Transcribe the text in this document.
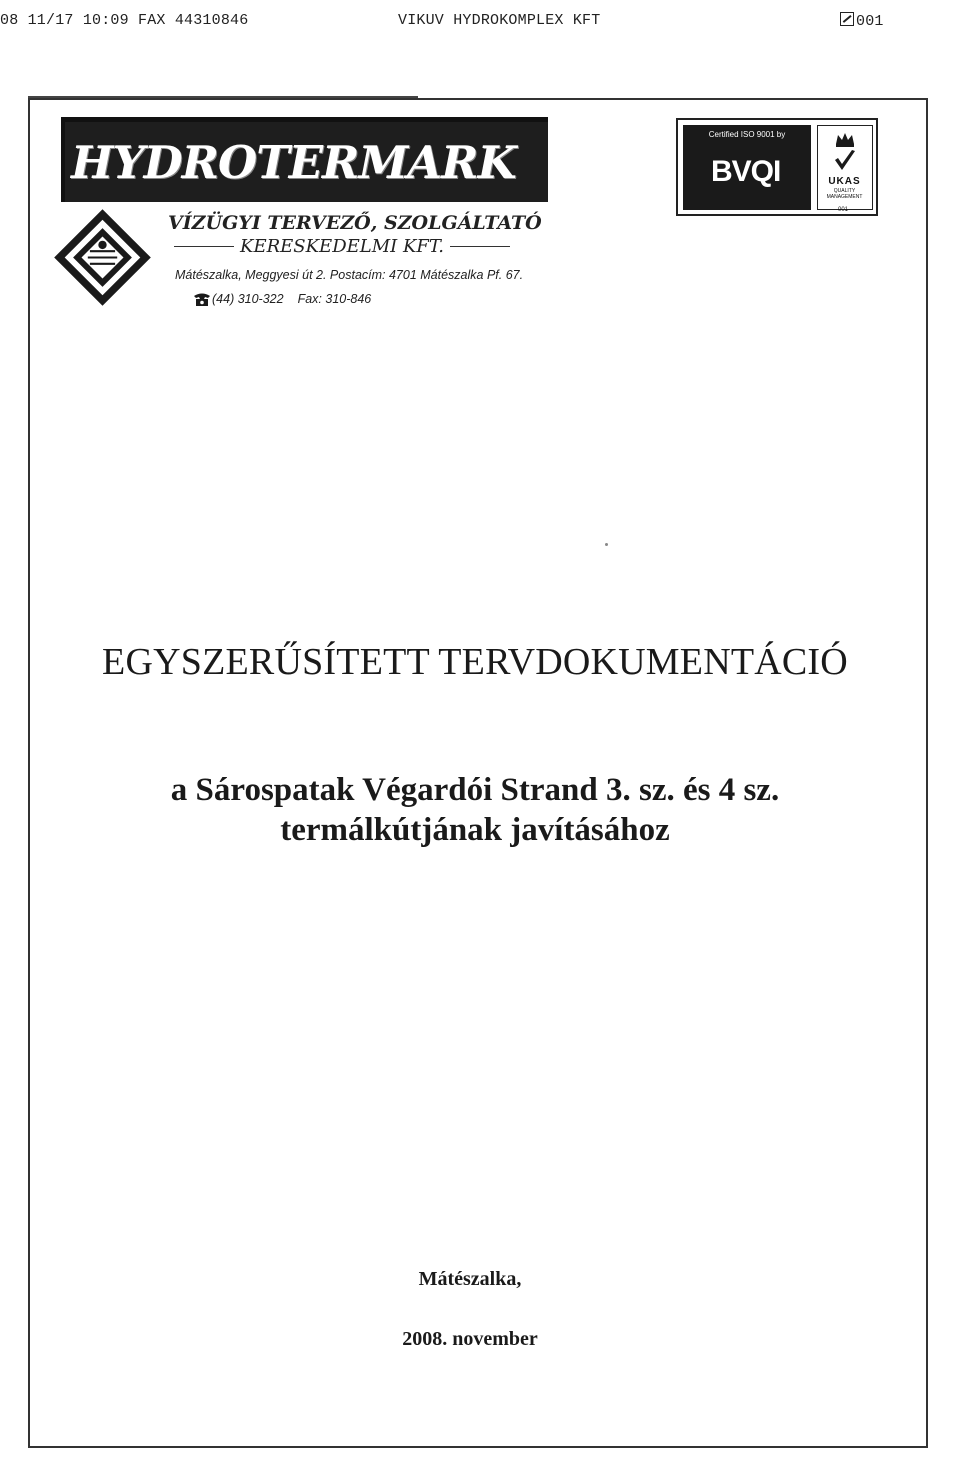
08 11/17 10:09 FAX 44310846	VIKUV HYDROKOMPLEX KFT	001
HYDROTERMARK
VÍZÜGYI TERVEZŐ, SZOLGÁLTATÓ
KERESKEDELMI KFT.
Mátészalka, Meggyesi út 2. Postacím: 4701 Mátészalka Pf. 67.
(44) 310-322 Fax: 310-846
Certified ISO 9001 by
BVQI	UKAS
QUALITY MANAGEMENT
001
EGYSZERŰSÍTETT TERVDOKUMENTÁCIÓ
a Sárospatak Végardói Strand 3. sz. és 4 sz.
termálkútjának javításához
Mátészalka,
2008. november
